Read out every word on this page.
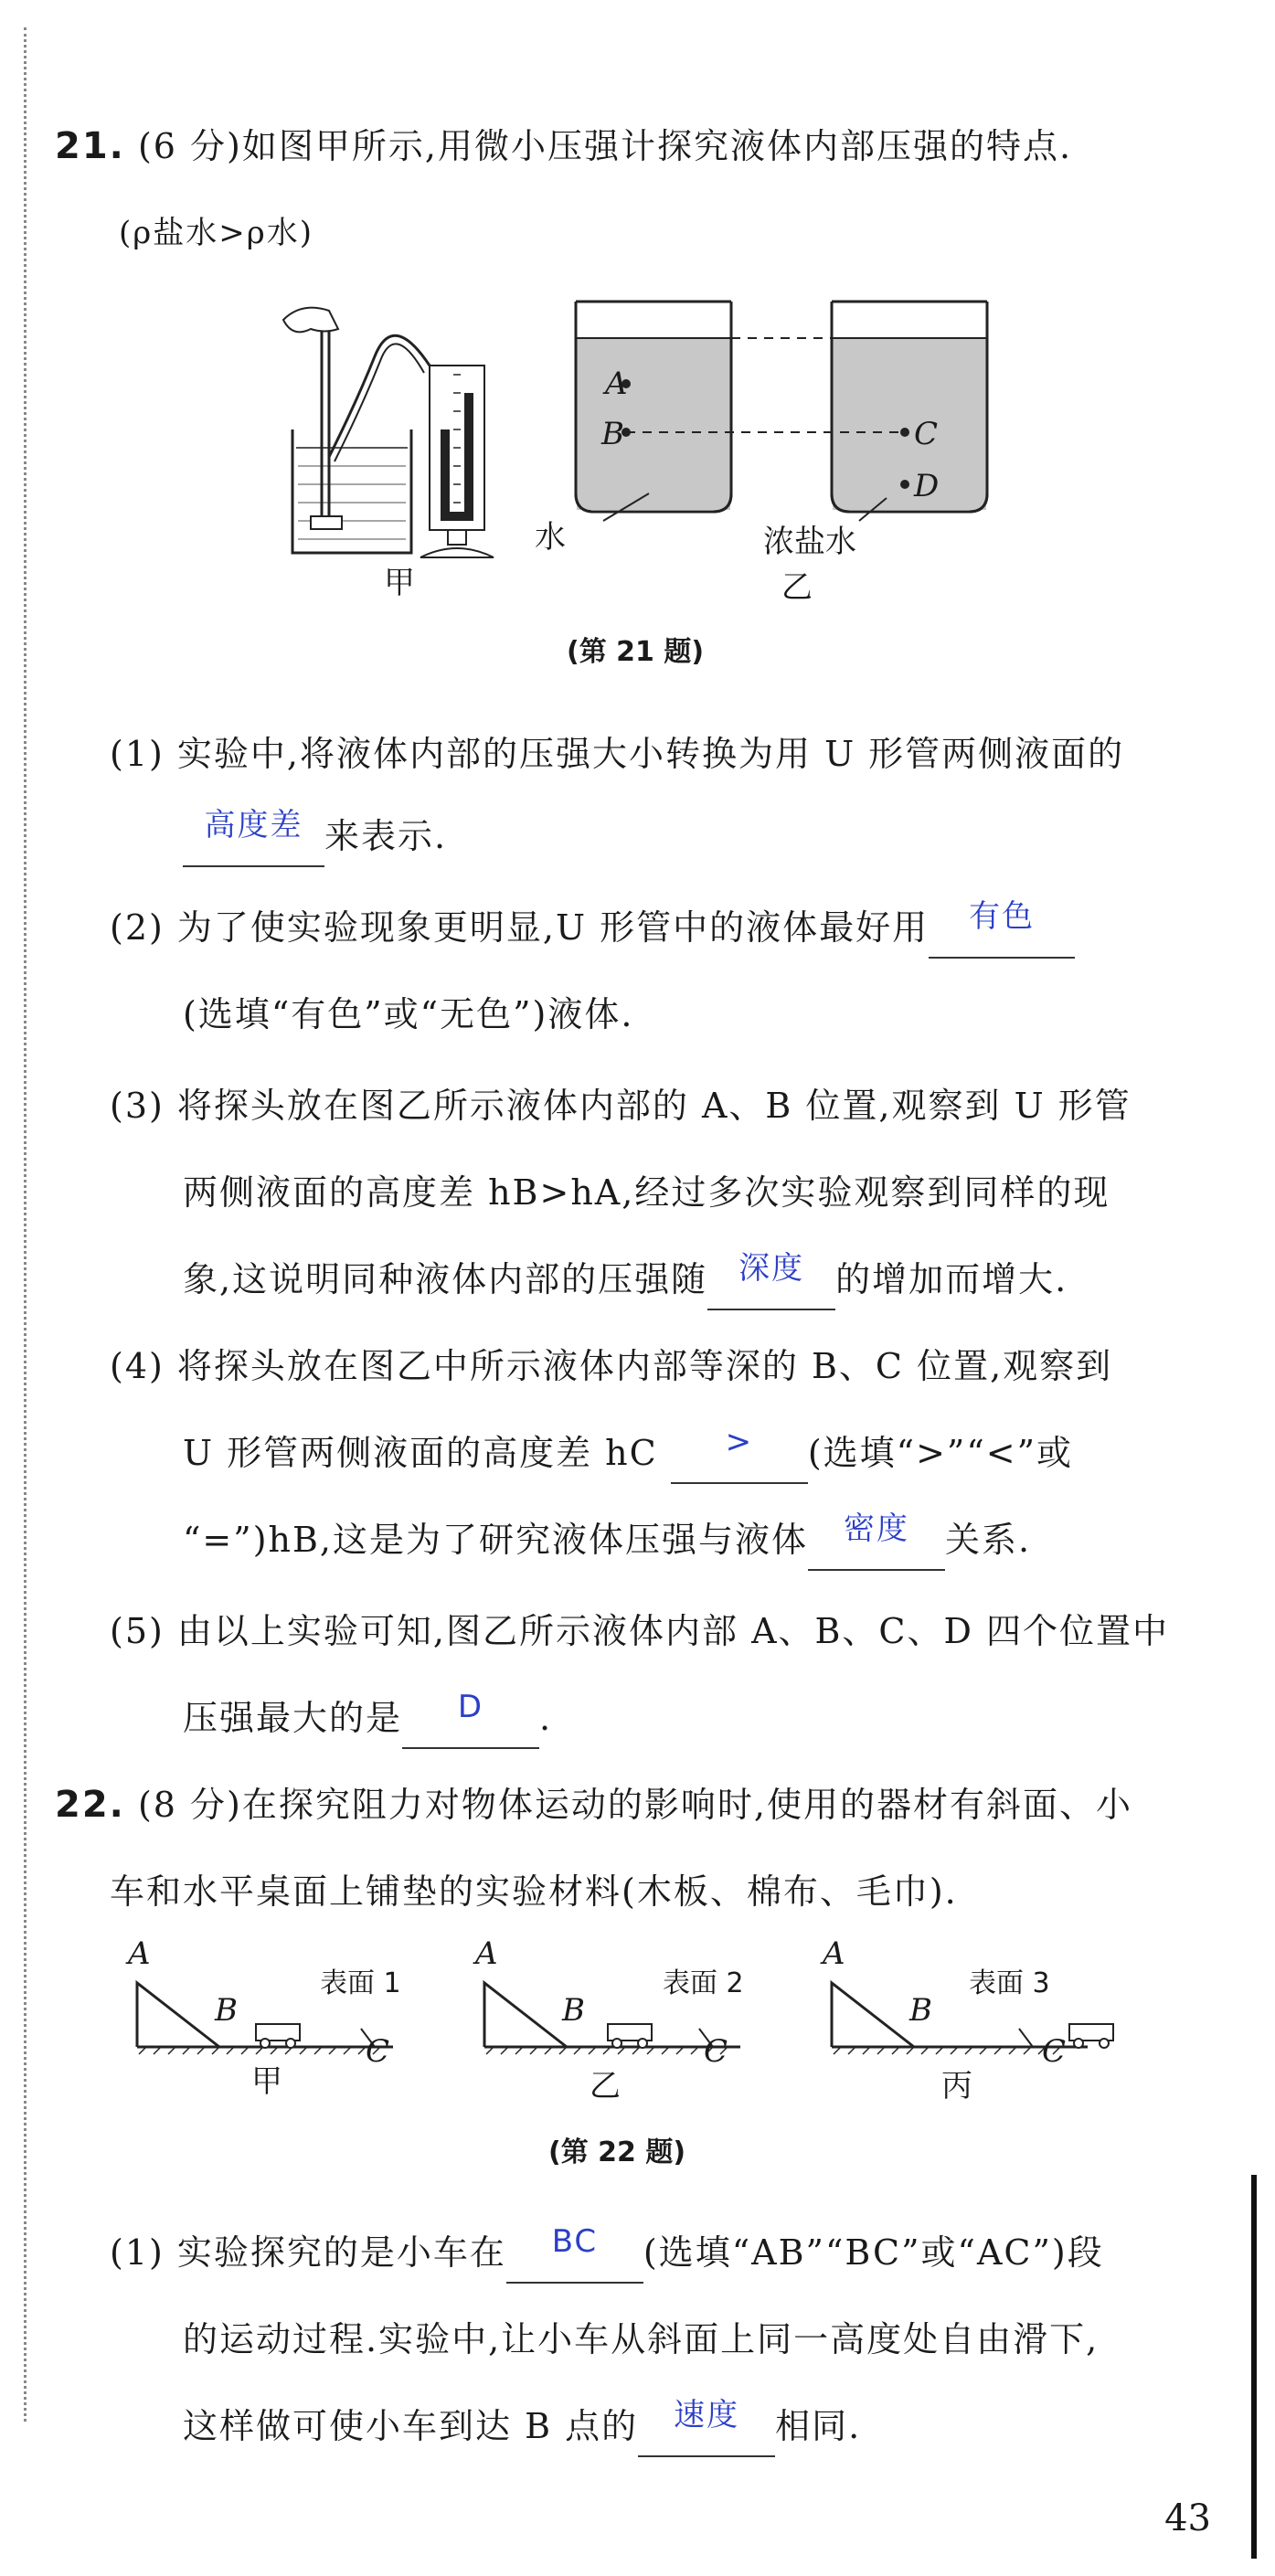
21. (6 分)如图甲所示,用微小压强计探究液体内部压强的特点.
(ρ盐水>ρ水)
甲
A
B	C
D
水	浓盐水
乙
(第 21 题)
(1) 实验中,将液体内部的压强大小转换为用 U 形管两侧液面的
高度差 来表示.
(2) 为了使实验现象更明显,U 形管中的液体最好用 有色
(选填“有色”或“无色”)液体.
(3) 将探头放在图乙所示液体内部的 A、B 位置,观察到 U 形管
两侧液面的高度差 hB>hA,经过多次实验观察到同样的现
象,这说明同种液体内部的压强随 深度 的增加而增大.
(4) 将探头放在图乙中所示液体内部等深的 B、C 位置,观察到
U 形管两侧液面的高度差 hC > (选填“>”“<”或
“=”)hB,这是为了研究液体压强与液体 密度 关系.
(5) 由以上实验可知,图乙所示液体内部 A、B、C、D 四个位置中
压强最大的是 D .
22. (8 分)在探究阻力对物体运动的影响时,使用的器材有斜面、小
车和水平桌面上铺垫的实验材料(木板、棉布、毛巾).
A
B
C
表面 1
甲
A
B
C
表面 2
乙
A
B
C
表面 3
丙
(第 22 题)
(1) 实验探究的是小车在 BC (选填“AB”“BC”或“AC”)段
的运动过程.实验中,让小车从斜面上同一高度处自由滑下,
这样做可使小车到达 B 点的 速度 相同.
43
